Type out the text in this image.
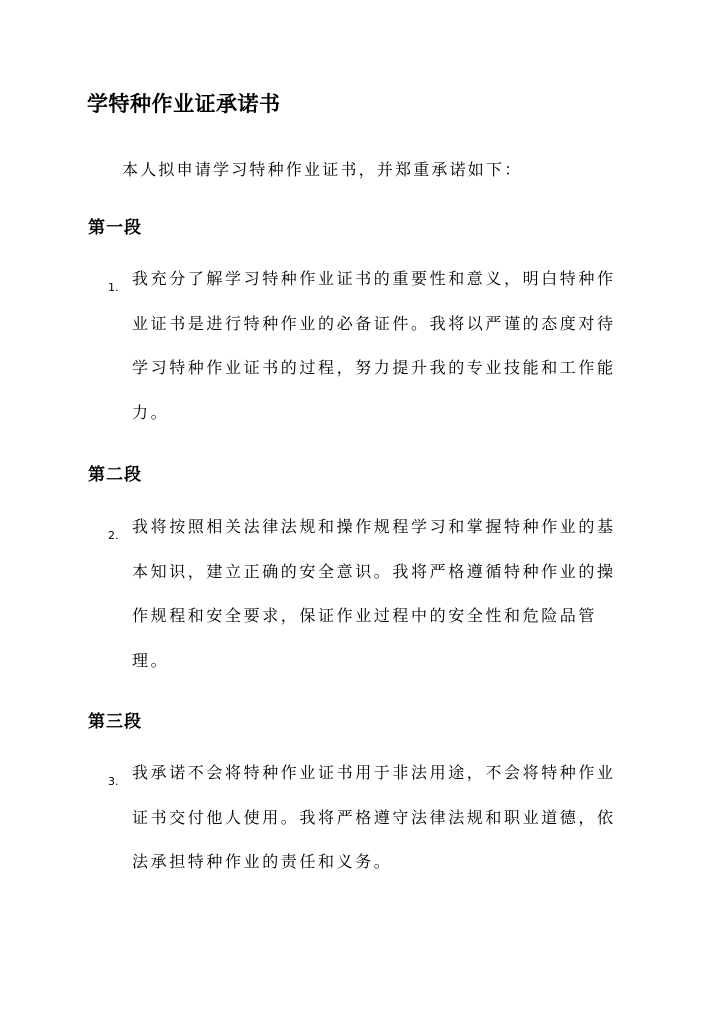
学特种作业证承诺书
本人拟申请学习特种作业证书，并郑重承诺如下：
第一段
1. 我充分了解学习特种作业证书的重要性和意义，明白特种作业证书是进行特种作业的必备证件。我将以严谨的态度对待学习特种作业证书的过程，努力提升我的专业技能和工作能力。
第二段
2. 我将按照相关法律法规和操作规程学习和掌握特种作业的基本知识，建立正确的安全意识。我将严格遵循特种作业的操作规程和安全要求，保证作业过程中的安全性和危险品管理。
第三段
3. 我承诺不会将特种作业证书用于非法用途，不会将特种作业证书交付他人使用。我将严格遵守法律法规和职业道德，依法承担特种作业的责任和义务。
